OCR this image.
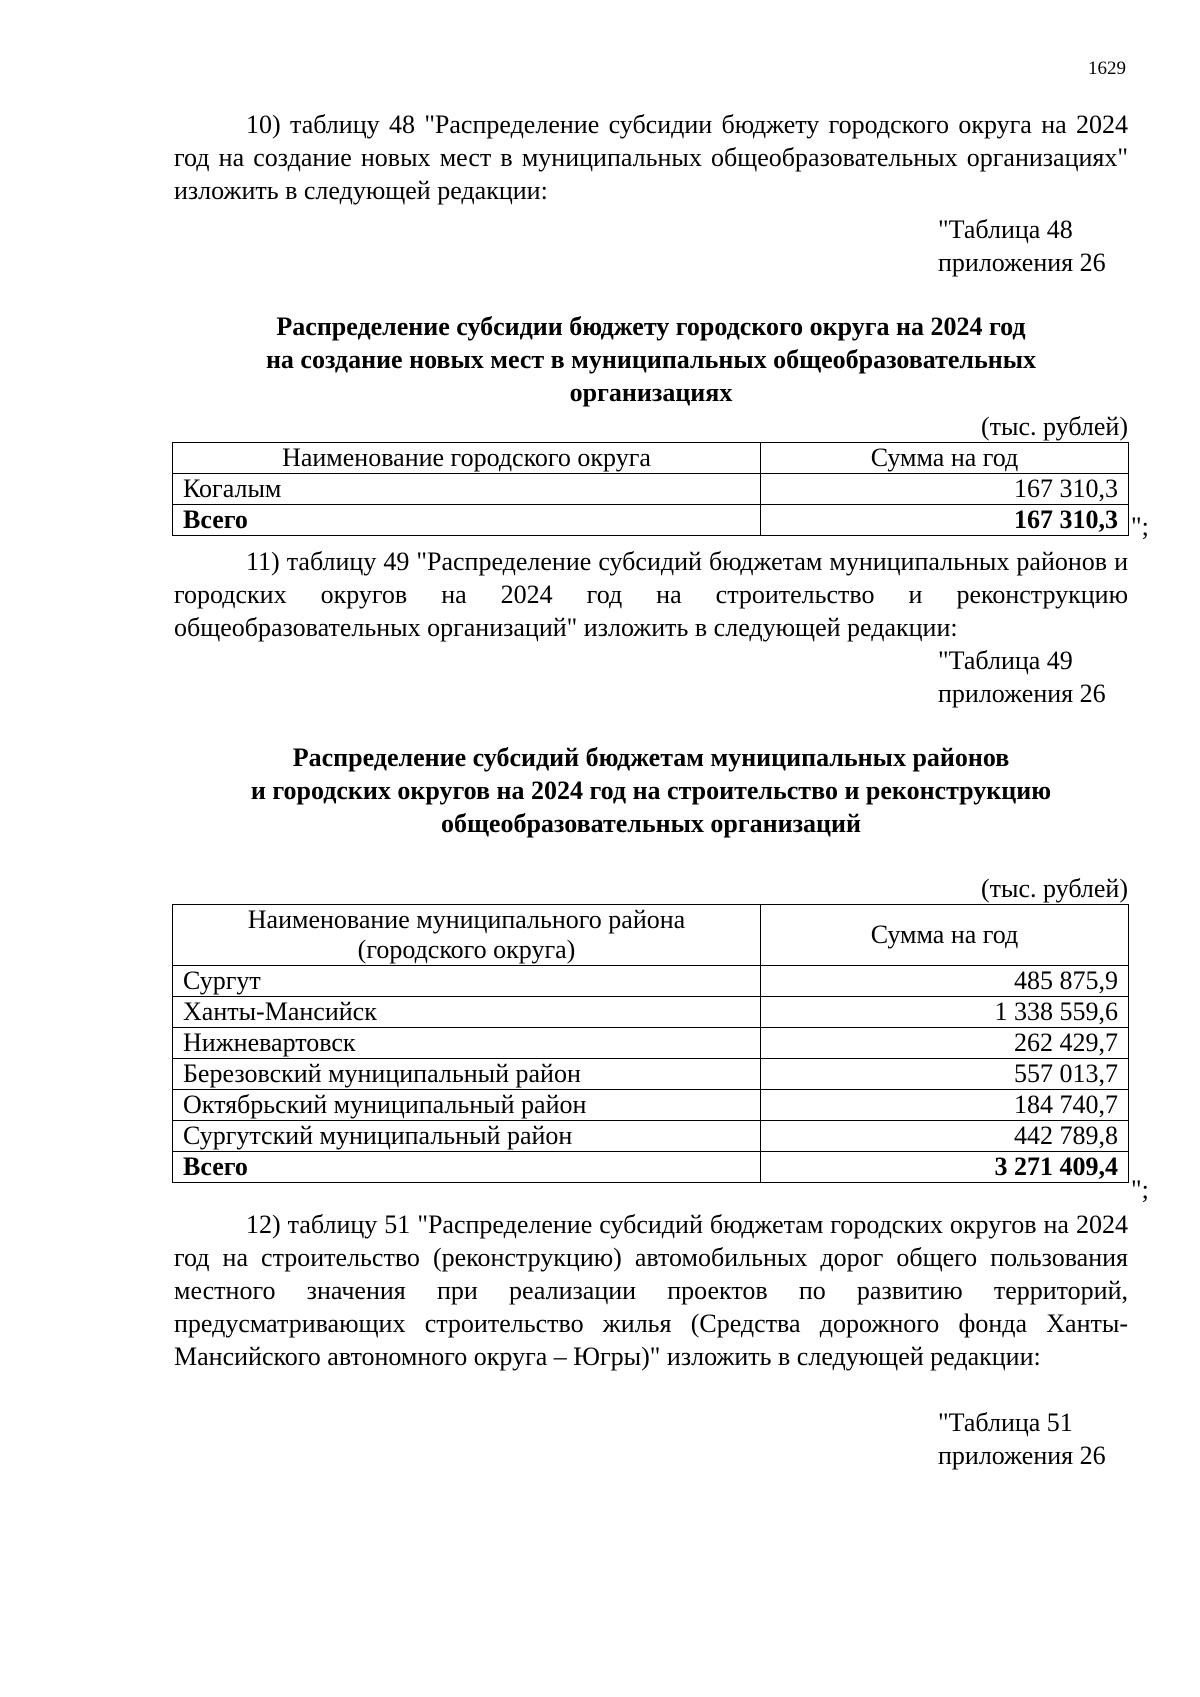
1629
10) таблицу 48 "Распределение субсидии бюджету городского округа на 2024 год на создание новых мест в муниципальных общеобразовательных организациях" изложить в следующей редакции:
"Таблица 48
приложения 26
Распределение субсидии бюджету городского округа на 2024 год
на создание новых мест в муниципальных общеобразовательных
организациях
(тыс. рублей)
Наименование городского округа	Сумма на год
Когалым	167 310,3
Всего	167 310,3 ";
11) таблицу 49 "Распределение субсидий бюджетам муниципальных районов и городских округов на 2024 год на строительство и реконструкцию общеобразовательных организаций" изложить в следующей редакции:
"Таблица 49
приложения 26
Распределение субсидий бюджетам муниципальных районов
и городских округов на 2024 год на строительство и реконструкцию
общеобразовательных организаций
(тыс. рублей)
Наименование муниципального района
(городского округа)	Сумма на год
Сургут	485 875,9
Ханты-Мансийск	1 338 559,6
Нижневартовск	262 429,7
Березовский муниципальный район	557 013,7
Октябрьский муниципальный район	184 740,7
Сургутский муниципальный район	442 789,8
Всего	3 271 409,4
";
12) таблицу 51 "Распределение субсидий бюджетам городских округов на 2024 год на строительство (реконструкцию) автомобильных дорог общего пользования местного значения при реализации проектов по развитию территорий, предусматривающих строительство жилья (Средства дорожного фонда Ханты-Мансийского автономного округа – Югры)" изложить в следующей редакции:
"Таблица 51
приложения 26
